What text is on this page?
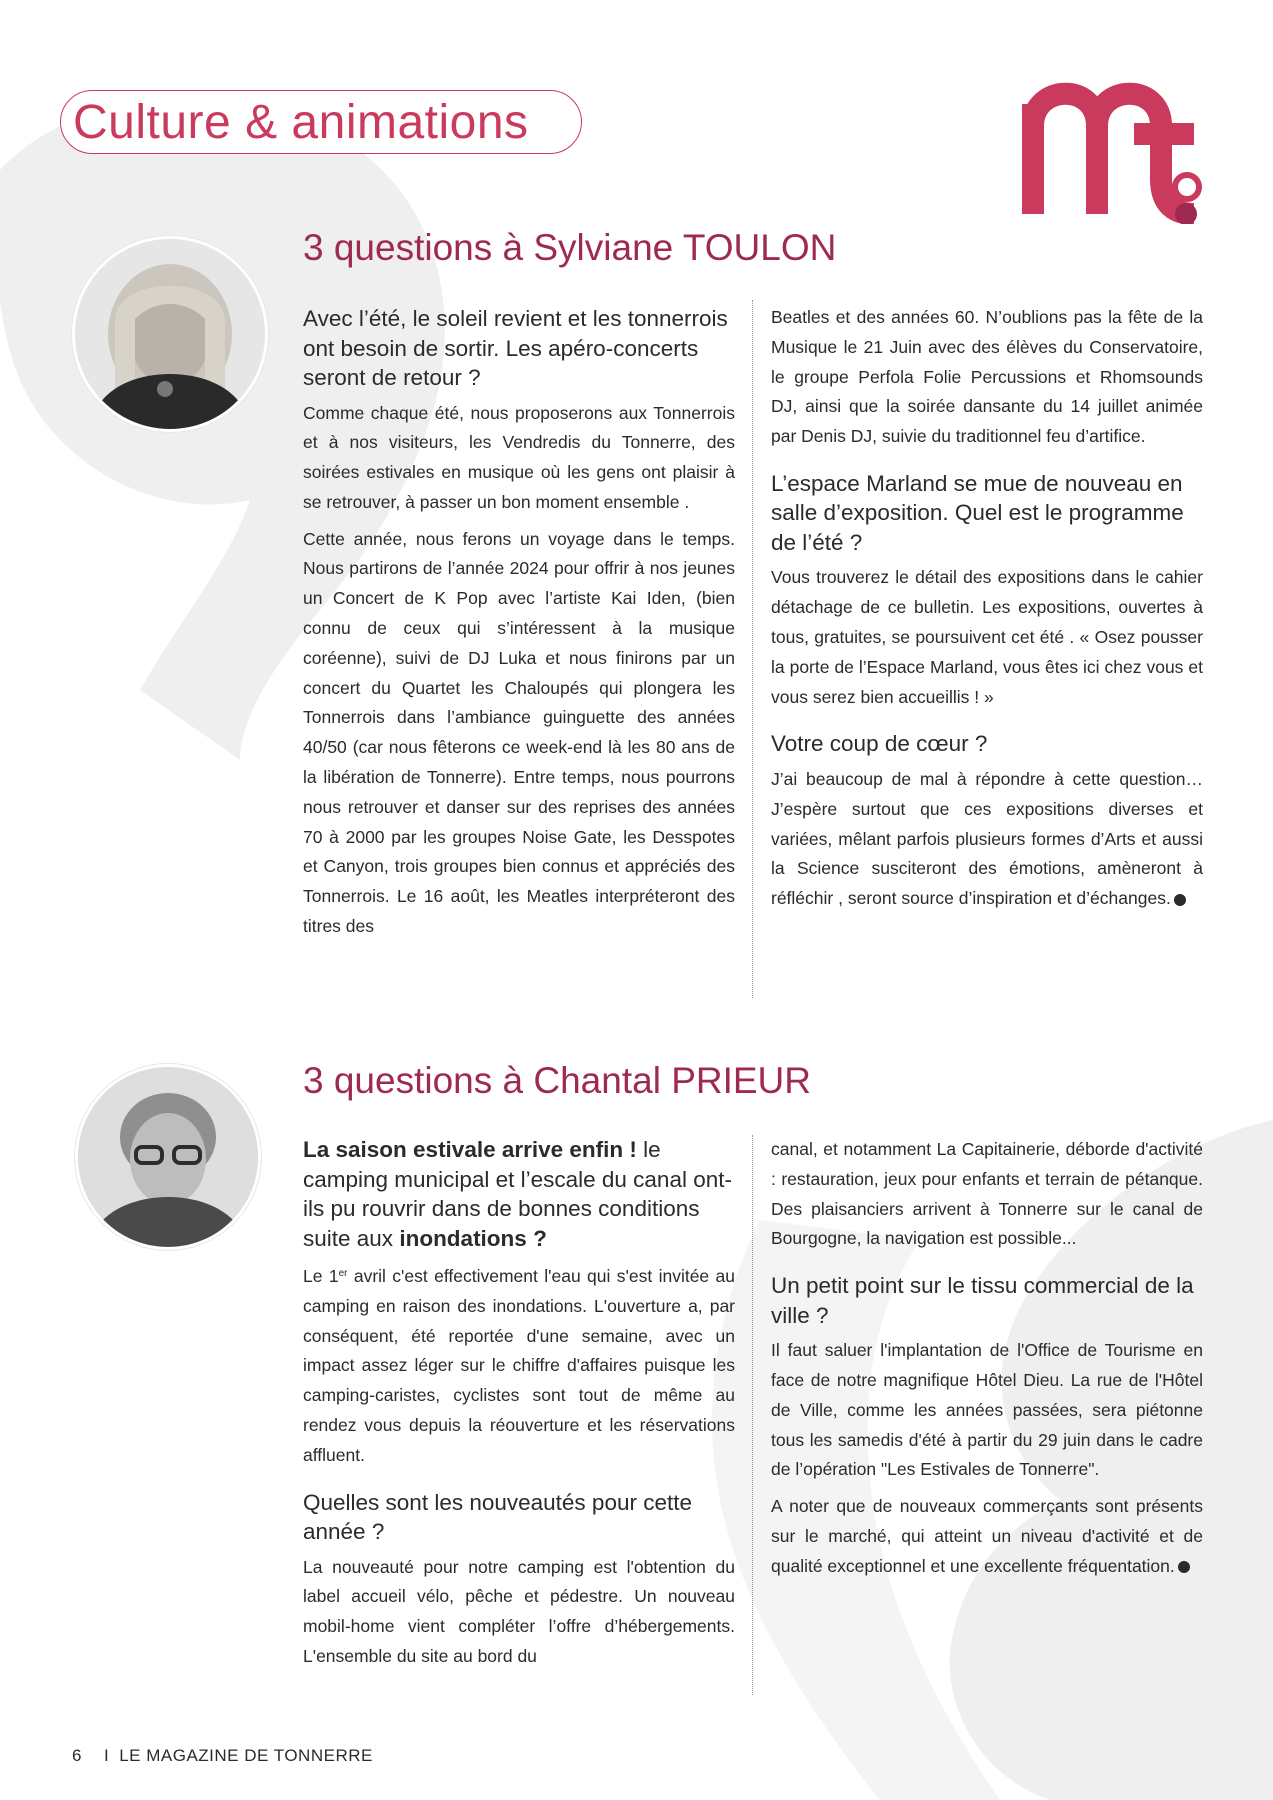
Culture & animations
3 questions à Sylviane TOULON

Avec l’été, le soleil revient et les tonnerrois ont besoin de sortir. Les apéro-concerts seront de retour ?

Comme chaque été, nous proposerons aux Tonnerrois et à nos visiteurs, les Vendredis du Tonnerre, des soirées estivales en musique où les gens ont plaisir à se retrouver, à passer un bon moment ensemble .

Cette année, nous ferons un voyage dans le temps. Nous partirons de l’année 2024 pour offrir à nos jeunes un Concert de K Pop avec l’artiste Kai Iden, (bien connu de ceux qui s’intéressent à la musique coréenne), suivi de DJ Luka et nous finirons par un concert du Quartet les Chaloupés qui plongera les Tonnerrois dans l’ambiance guinguette des années 40/50 (car nous fêterons ce week-end là les 80 ans de la libération de Tonnerre). Entre temps, nous pourrons nous retrouver et danser sur des reprises des années 70 à 2000 par les groupes Noise Gate, les Desspotes et Canyon, trois groupes bien connus et appréciés des Tonnerrois. Le 16 août, les Meatles interpréteront des titres des

Beatles et des années 60. N’oublions pas la fête de la Musique le 21 Juin avec des élèves du Conservatoire, le groupe Perfola Folie Percussions et Rhomsounds DJ, ainsi que la soirée dansante du 14 juillet animée par Denis DJ, suivie du traditionnel feu d’artifice.

L’espace Marland se mue de nouveau en salle d’exposition. Quel est le programme de l’été ?

Vous trouverez le détail des expositions dans le cahier détachage de ce bulletin. Les expositions, ouvertes à tous, gratuites, se poursuivent cet été . « Osez pousser la porte de l’Espace Marland, vous êtes ici chez vous et vous serez bien accueillis ! »

Votre coup de cœur ?

J’ai beaucoup de mal à répondre à cette question…J’espère surtout que ces expositions diverses et variées, mêlant parfois plusieurs formes d’Arts et aussi la Science susciteront des émotions, amèneront à réfléchir , seront source d’inspiration et d’échanges.

3 questions à Chantal PRIEUR

La saison estivale arrive enfin ! le camping municipal et l’escale du canal ont-ils pu rouvrir dans de bonnes conditions suite aux inondations ?

Le 1er avril c'est effectivement l'eau qui s'est invitée au camping en raison des inondations. L'ouverture a, par conséquent, été reportée d'une semaine, avec un impact assez léger sur le chiffre d'affaires puisque les camping-caristes, cyclistes sont tout de même au rendez vous depuis la réouverture et les réservations affluent.

Quelles sont les nouveautés pour cette année ?

La nouveauté pour notre camping est l'obtention du label accueil vélo, pêche et pédestre. Un nouveau mobil-home vient compléter l’offre d’hébergements. L'ensemble du site au bord du

canal, et notamment La Capitainerie, déborde d'activité : restauration, jeux pour enfants et terrain de pétanque. Des plaisanciers arrivent à Tonnerre sur le canal de Bourgogne, la navigation est possible...

Un petit point sur le tissu commercial de la ville ?

Il faut saluer l'implantation de l'Office de Tourisme en face de notre magnifique Hôtel Dieu. La rue de l'Hôtel de Ville, comme les années passées, sera piétonne tous les samedis d'été à partir du 29 juin dans le cadre de l’opération "Les Estivales de Tonnerre".

A noter que de nouveaux commerçants sont présents sur le marché, qui atteint un niveau d'activité et de qualité exceptionnel et une excellente fréquentation.

6 I LE MAGAZINE DE TONNERRE
